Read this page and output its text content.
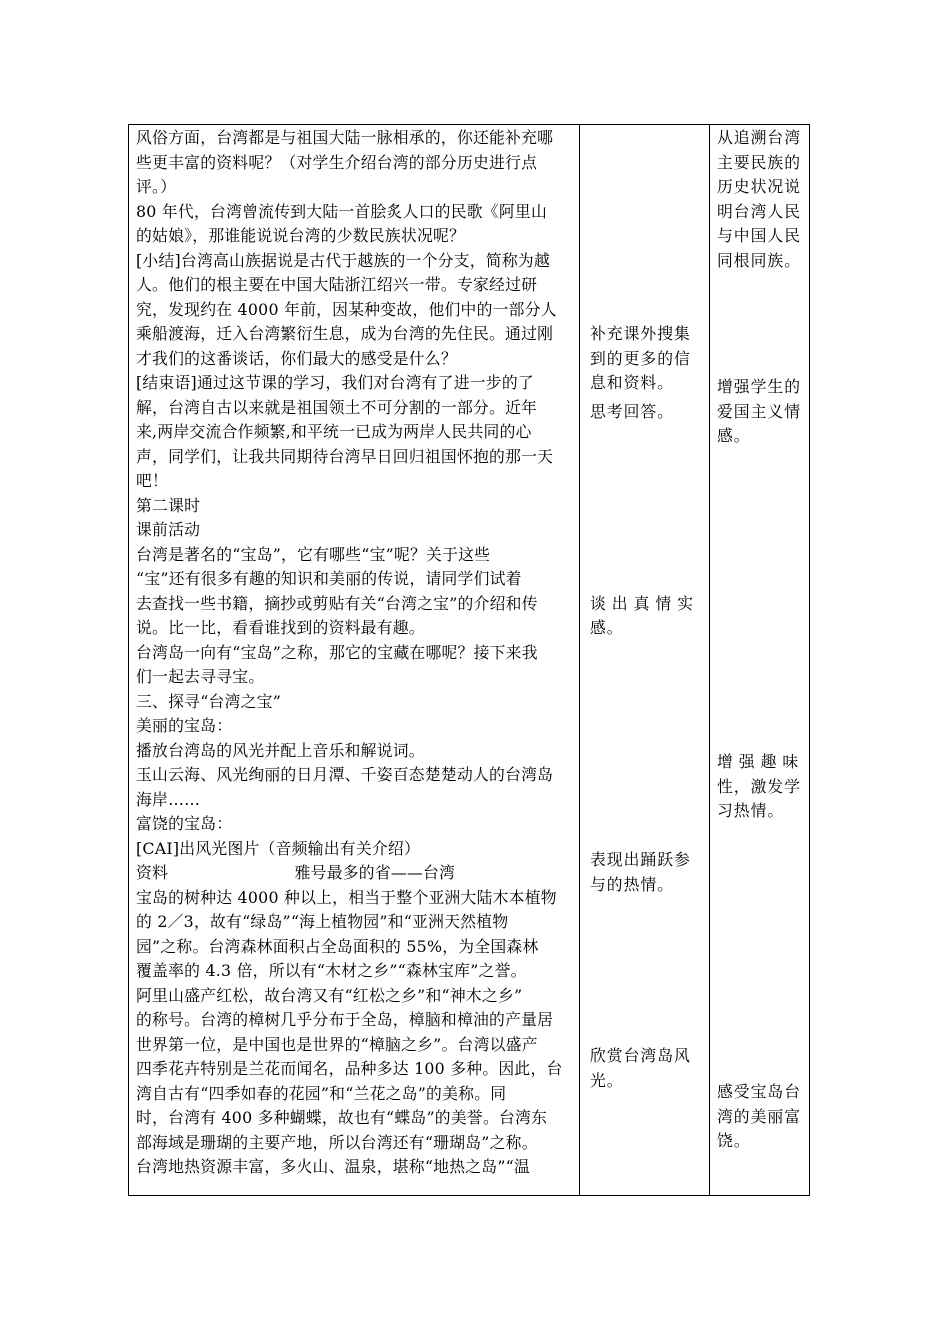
风俗方面，台湾都是与祖国大陆一脉相承的，你还能补充哪
些更丰富的资料呢？（对学生介绍台湾的部分历史进行点
评。）
80 年代，台湾曾流传到大陆一首脍炙人口的民歌《阿里山
的姑娘》，那谁能说说台湾的少数民族状况呢？
[小结]台湾高山族据说是古代于越族的一个分支，简称为越
人。他们的根主要在中国大陆浙江绍兴一带。专家经过研
究，发现约在 4000 年前，因某种变故，他们中的一部分人
乘船渡海，迁入台湾繁衍生息，成为台湾的先住民。通过刚
才我们的这番谈话，你们最大的感受是什么？
[结束语]通过这节课的学习，我们对台湾有了进一步的了
解，台湾自古以来就是祖国领土不可分割的一部分。近年
来,两岸交流合作频繁,和平统一已成为两岸人民共同的心
声，同学们，让我共同期待台湾早日回归祖国怀抱的那一天
吧！
第二课时
课前活动
台湾是著名的“宝岛”，它有哪些“宝”呢？关于这些
“宝”还有很多有趣的知识和美丽的传说，请同学们试着
去查找一些书籍，摘抄或剪贴有关“台湾之宝”的介绍和传
说。比一比，看看谁找到的资料最有趣。
台湾岛一向有“宝岛”之称，那它的宝藏在哪呢？接下来我
们一起去寻寻宝。
三、探寻“台湾之宝”
美丽的宝岛：
播放台湾岛的风光并配上音乐和解说词。
玉山云海、风光绚丽的日月潭、千姿百态楚楚动人的台湾岛
海岸……
富饶的宝岛：
[CAI]出风光图片（音频输出有关介绍）
资料                        雅号最多的省——台湾
宝岛的树种达 4000 种以上，相当于整个亚洲大陆木本植物
的 2／3，故有“绿岛”“海上植物园”和“亚洲天然植物
园”之称。台湾森林面积占全岛面积的 55%，为全国森林
覆盖率的 4.3 倍，所以有“木材之乡”“森林宝库”之誉。
阿里山盛产红松，故台湾又有“红松之乡”和“神木之乡”
的称号。台湾的樟树几乎分布于全岛，樟脑和樟油的产量居
世界第一位，是中国也是世界的“樟脑之乡”。台湾以盛产
四季花卉特别是兰花而闻名，品种多达 100 多种。因此，台
湾自古有“四季如春的花园”和“兰花之岛”的美称。同
时，台湾有 400 多种蝴蝶，故也有“蝶岛”的美誉。台湾东
部海域是珊瑚的主要产地，所以台湾还有“珊瑚岛”之称。
台湾地热资源丰富，多火山、温泉，堪称“地热之岛”“温
补充课外搜集
到的更多的信
息和资料。
思考回答。
谈出真情实
感。
表现出踊跃参
与的热情。
欣赏台湾岛风
光。
从追溯台湾
主要民族的
历史状况说
明台湾人民
与中国人民
同根同族。
增强学生的
爱国主义情
感。
增强趣味
性，激发学
习热情。
感受宝岛台
湾的美丽富
饶。
